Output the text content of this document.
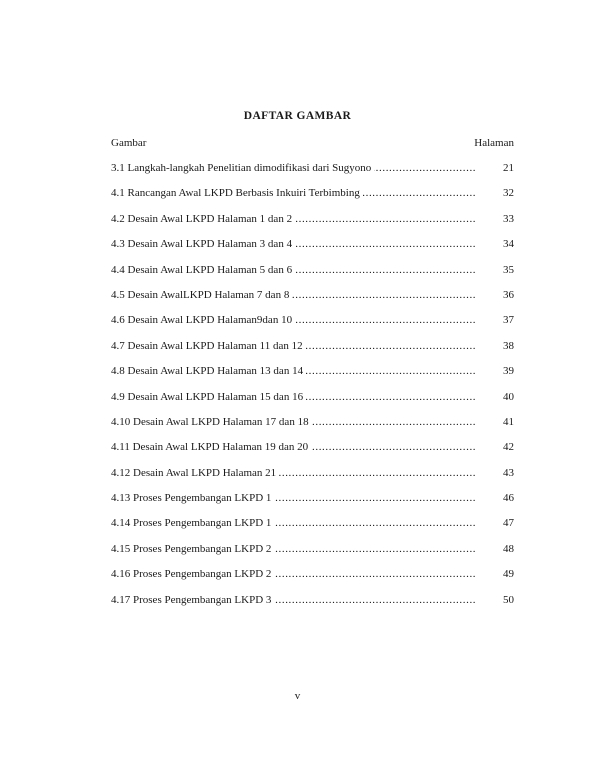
DAFTAR GAMBAR
Gambar	Halaman
3.1 Langkah-langkah Penelitian dimodifikasi dari Sugyono .....	21
4.1 Rancangan Awal LKPD Berbasis Inkuiri Terbimbing .....	32
4.2 Desain Awal LKPD Halaman 1 dan 2 .....	33
4.3 Desain Awal LKPD Halaman 3 dan 4 .....	34
4.4 Desain Awal LKPD Halaman 5 dan 6 .....	35
4.5 Desain AwalLKPD Halaman 7 dan 8 .....	36
4.6 Desain Awal LKPD Halaman9dan 10 .....	37
4.7 Desain Awal LKPD Halaman 11 dan 12 .....	38
4.8 Desain Awal LKPD Halaman 13 dan 14 .....	39
4.9 Desain Awal LKPD Halaman 15 dan 16 .....	40
4.10 Desain Awal LKPD Halaman 17 dan 18 .....	41
4.11 Desain Awal LKPD Halaman 19 dan 20 .....	42
4.12 Desain Awal LKPD Halaman 21 .....	43
4.13 Proses Pengembangan LKPD 1 .....	46
4.14 Proses Pengembangan LKPD 1 .....	47
4.15 Proses Pengembangan LKPD 2 .....	48
4.16 Proses Pengembangan LKPD 2 .....	49
4.17 Proses Pengembangan LKPD 3 .....	50
v
